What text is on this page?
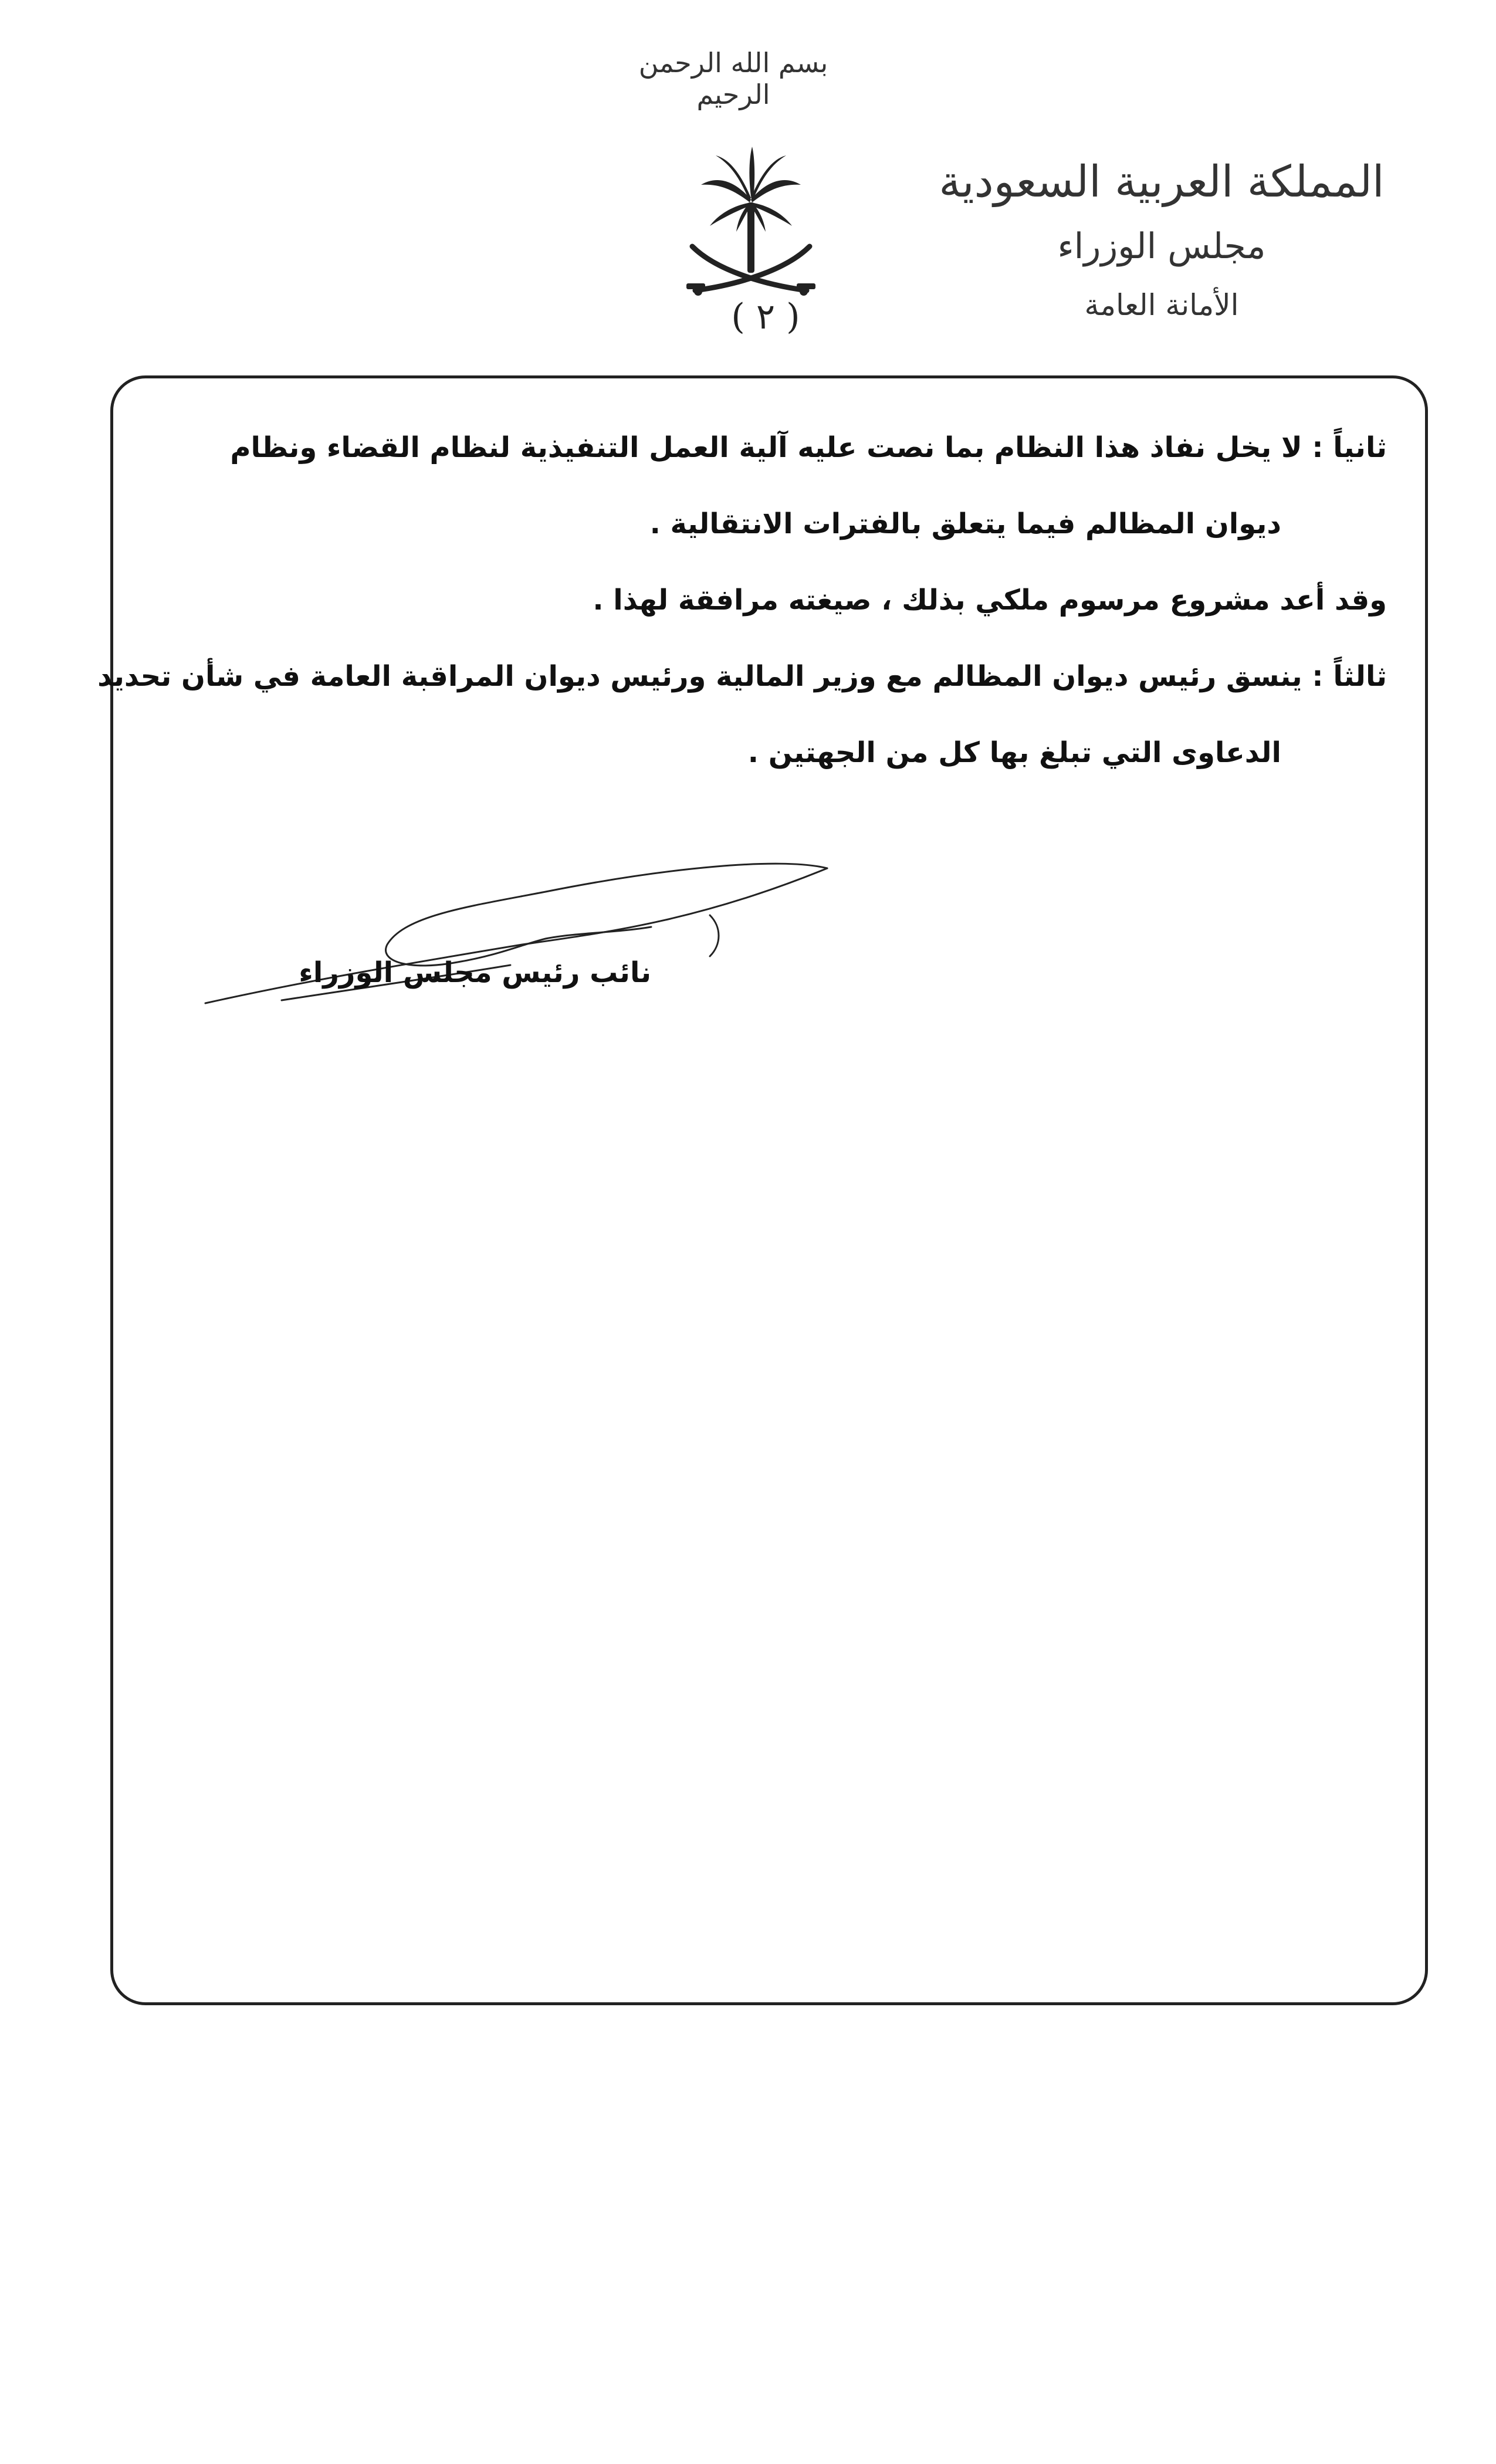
بسم الله الرحمن الرحيم
( ٢ )
المملكة العربية السعودية
مجلس الوزراء
الأمانة العامة
ثانياً : لا يخل نفاذ هذا النظام بما نصت عليه آلية العمل التنفيذية لنظام القضاء ونظام
ديوان المظالم فيما يتعلق بالفترات الانتقالية .
وقد أعد مشروع مرسوم ملكي بذلك ، صيغته مرافقة لهذا .
ثالثاً : ينسق رئيس ديوان المظالم مع وزير المالية ورئيس ديوان المراقبة العامة في شأن تحديد
الدعاوى التي تبلغ بها كل من الجهتين .
نائب رئيس مجلس الوزراء
